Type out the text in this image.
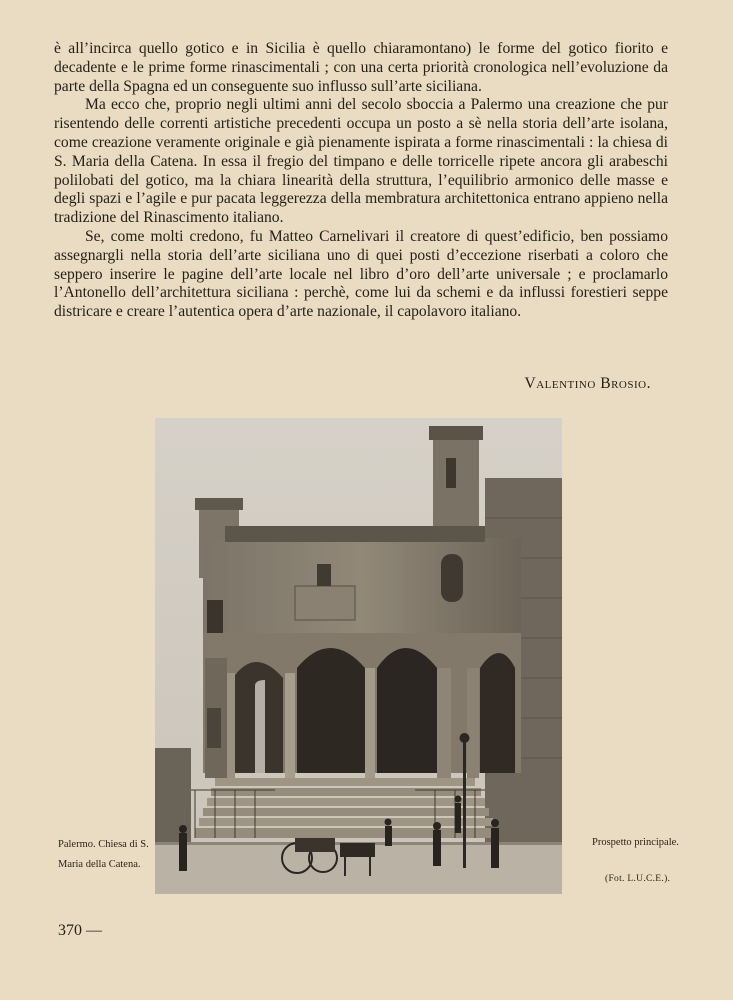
è all’incirca quello gotico e in Sicilia è quello chiaramontano) le forme del gotico fiorito e decadente e le prime forme rinascimentali ; con una certa priorità cronologica nell’evoluzione da parte della Spagna ed un conseguente suo influsso sull’arte siciliana.

Ma ecco che, proprio negli ultimi anni del secolo sboccia a Palermo una creazione che pur risentendo delle correnti artistiche precedenti occupa un posto a sè nella storia dell’arte isolana, come creazione veramente originale e già pienamente ispirata a forme rinascimentali : la chiesa di S. Maria della Catena. In essa il fregio del timpano e delle torricelle ripete ancora gli arabeschi polilobati del gotico, ma la chiara linearità della struttura, l’equilibrio armonico delle masse e degli spazi e l’agile e pur pacata leggerezza della membratura architettonica entrano appieno nella tradizione del Rinascimento italiano.

Se, come molti credono, fu Matteo Carnelivari il creatore di quest’edificio, ben possiamo assegnargli nella storia dell’arte siciliana uno di quei posti d’eccezione riserbati a coloro che seppero inserire le pagine dell’arte locale nel libro d’oro dell’arte universale ; e proclamarlo l’Antonello dell’architettura siciliana : perchè, come lui da schemi e da influssi forestieri seppe districare e creare l’autentica opera d’arte nazionale, il capolavoro italiano.

Valentino Brosio.
Palermo. Chiesa di S. Maria della Catena.
Prospetto principale.
(Fot. L.U.C.E.).
370 —
